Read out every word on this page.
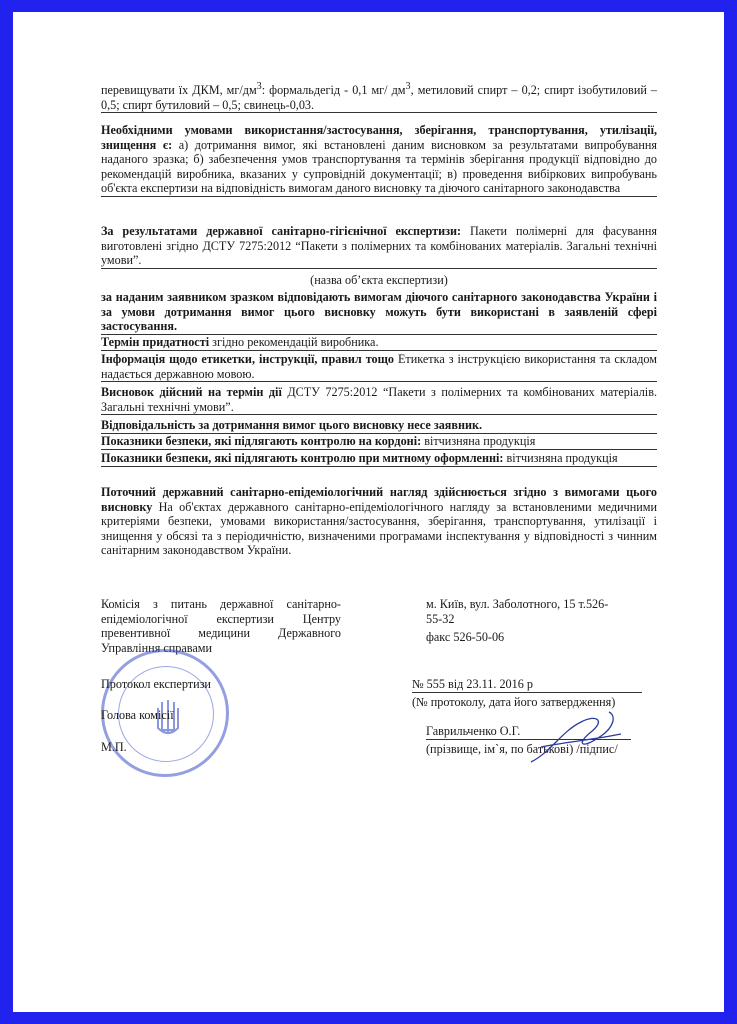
перевищувати їх ДКМ, $мг/дм^3$: формальдегід - 0,1 мг/ $дм^3$, метиловий спирт – 0,2; спирт ізобутиловий – 0,5; спирт бутиловий – 0,5; свинець-0,03.
Необхідними умовами використання/застосування, зберігання, транспортування, утилізації, знищення є: а) дотримання вимог, які встановлені даним висновком за результатами випробування наданого зразка; б) забезпечення умов транспортування та термінів зберігання продукції відповідно до рекомендацій виробника, вказаних у супровідній документації; в) проведення вибіркових випробувань об'єкта експертизи на відповідність вимогам даного висновку та діючого санітарного законодавства
За результатами державної санітарно-гігієнічної експертизи: Пакети полімерні для фасування виготовлені згідно ДСТУ 7275:2012 “Пакети з полімерних та комбінованих матеріалів. Загальні технічні умови”.
(назва об’єкта експертизи)
за наданим заявником зразком відповідають вимогам діючого санітарного законодавства України і за умови дотримання вимог цього висновку можуть бути використані в заявленій сфері застосування.
Термін придатності згідно рекомендацій виробника.
Інформація щодо етикетки, інструкції, правил тощо Етикетка з інструкцією використання та складом надається державною мовою.
Висновок дійсний на термін дії ДСТУ 7275:2012 “Пакети з полімерних та комбінованих матеріалів. Загальні технічні умови”.
Відповідальність за дотримання вимог цього висновку несе заявник.
Показники безпеки, які підлягають контролю на кордоні: вітчизняна продукція
Показники безпеки, які підлягають контролю при митному оформленні: вітчизняна продукція
Поточний державний санітарно-епідеміологічний нагляд здійснюється згідно з вимогами цього висновку На об'єктах державного санітарно-епідеміологічного нагляду за встановленими медичними критеріями безпеки, умовами використання/застосування, зберігання, транспортування, утилізації і знищення у обсязі та з періодичністю, визначеними програмами інспектування у відповідності з чинним санітарним законодавством України.
Комісія з питань державної санітарно-епідеміологічної експертизи Центру превентивної медицини Державного Управління справами
м. Київ, вул. Заболотного, 15 т.526-
55-32
факс 526-50-06
Протокол експертизи
Голова комісії
М.П.
№ 555 від 23.11. 2016 р
(№ протоколу, дата його затвердження)
Гаврильченко О.Г.
(прізвище, ім`я, по батькові) /підпис/
